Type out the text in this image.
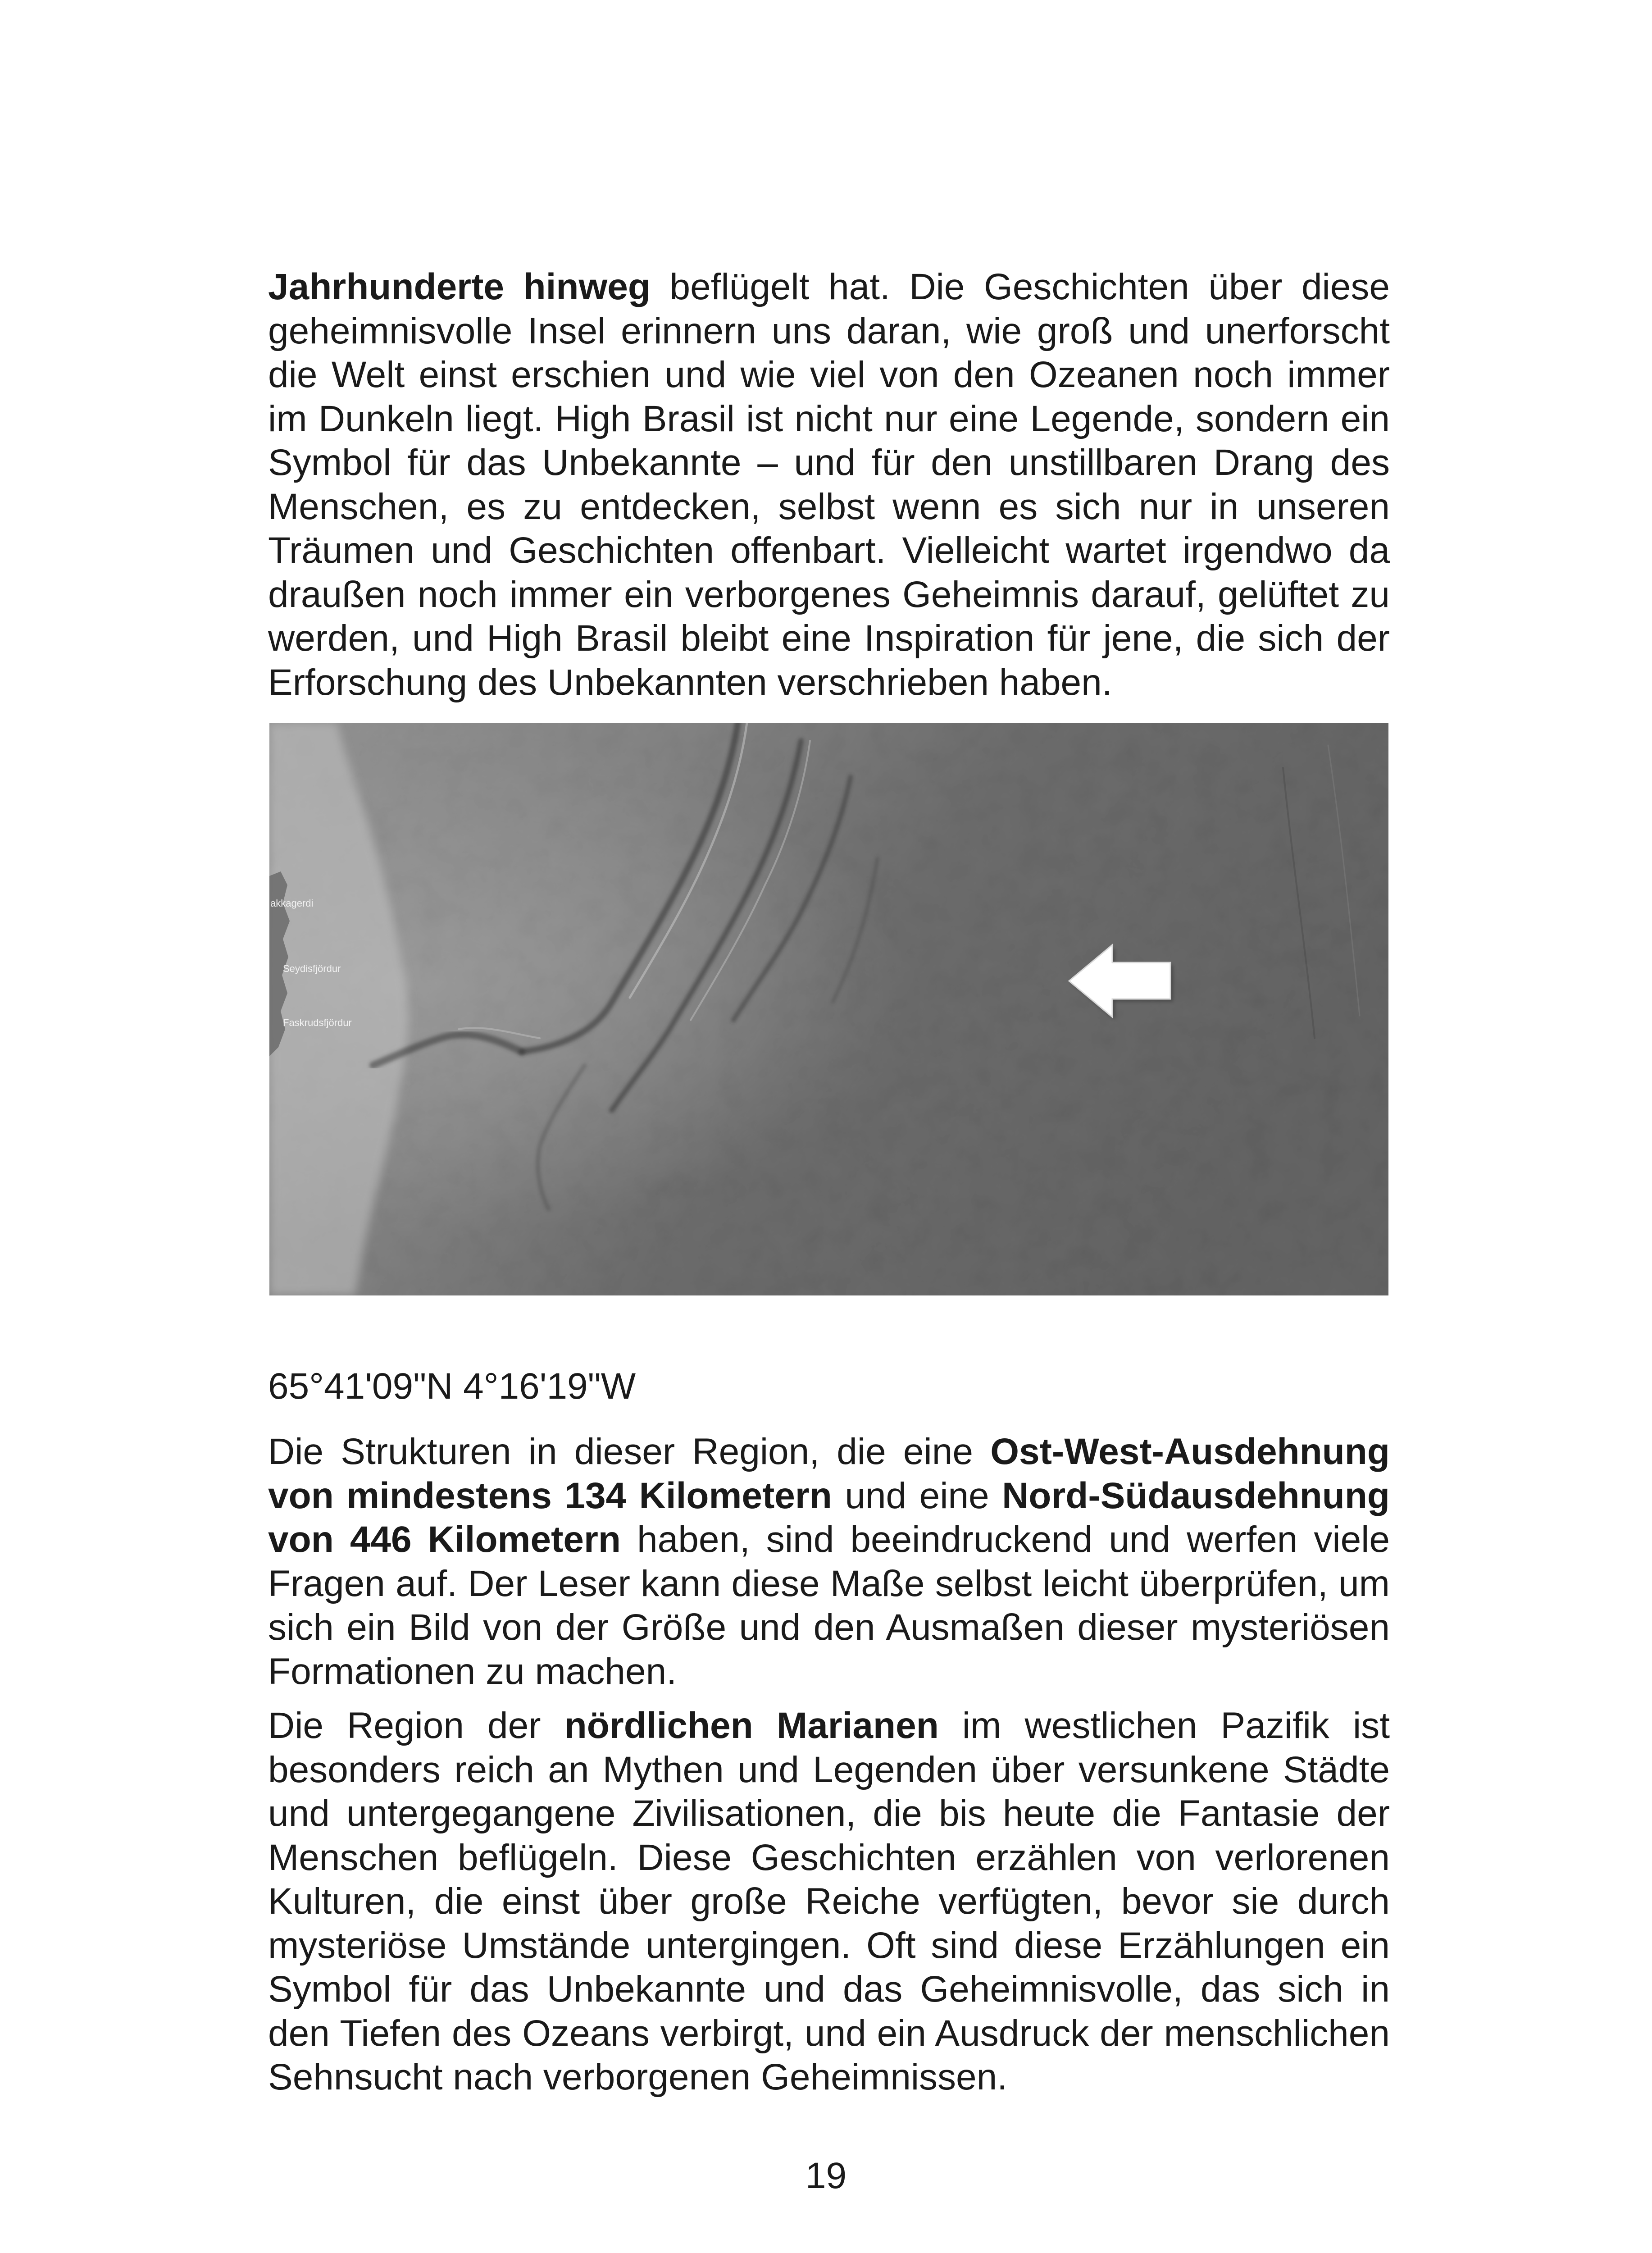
Jahrhunderte hinweg beflügelt hat. Die Geschichten über diese geheimnisvolle Insel erinnern uns daran, wie groß und unerforscht die Welt einst erschien und wie viel von den Ozeanen noch immer im Dunkeln liegt. High Brasil ist nicht nur eine Legende, sondern ein Symbol für das Unbekannte – und für den unstillbaren Drang des Menschen, es zu entdecken, selbst wenn es sich nur in unseren Träumen und Geschichten offenbart. Vielleicht wartet irgendwo da draußen noch immer ein verborgenes Geheimnis darauf, gelüftet zu werden, und High Brasil bleibt eine Inspiration für jene, die sich der Erforschung des Unbekannten verschrieben haben.

akkagerdi
Seydisfjördur
Faskrudsfjördur

65°41'09"N 4°16'19"W

Die Strukturen in dieser Region, die eine Ost-West-Ausdehnung von mindestens 134 Kilometern und eine Nord-Südausdehnung von 446 Kilometern haben, sind beeindruckend und werfen viele Fragen auf. Der Leser kann diese Maße selbst leicht überprüfen, um sich ein Bild von der Größe und den Ausmaßen dieser mysteriösen Formationen zu machen.

Die Region der nördlichen Marianen im westlichen Pazifik ist besonders reich an Mythen und Legenden über versunkene Städte und untergegangene Zivilisationen, die bis heute die Fantasie der Menschen beflügeln. Diese Geschichten erzählen von verlorenen Kulturen, die einst über große Reiche verfügten, bevor sie durch mysteriöse Umstände untergingen. Oft sind diese Erzählungen ein Symbol für das Unbekannte und das Geheimnisvolle, das sich in den Tiefen des Ozeans verbirgt, und ein Ausdruck der menschlichen Sehnsucht nach verborgenen Geheimnissen.

19
